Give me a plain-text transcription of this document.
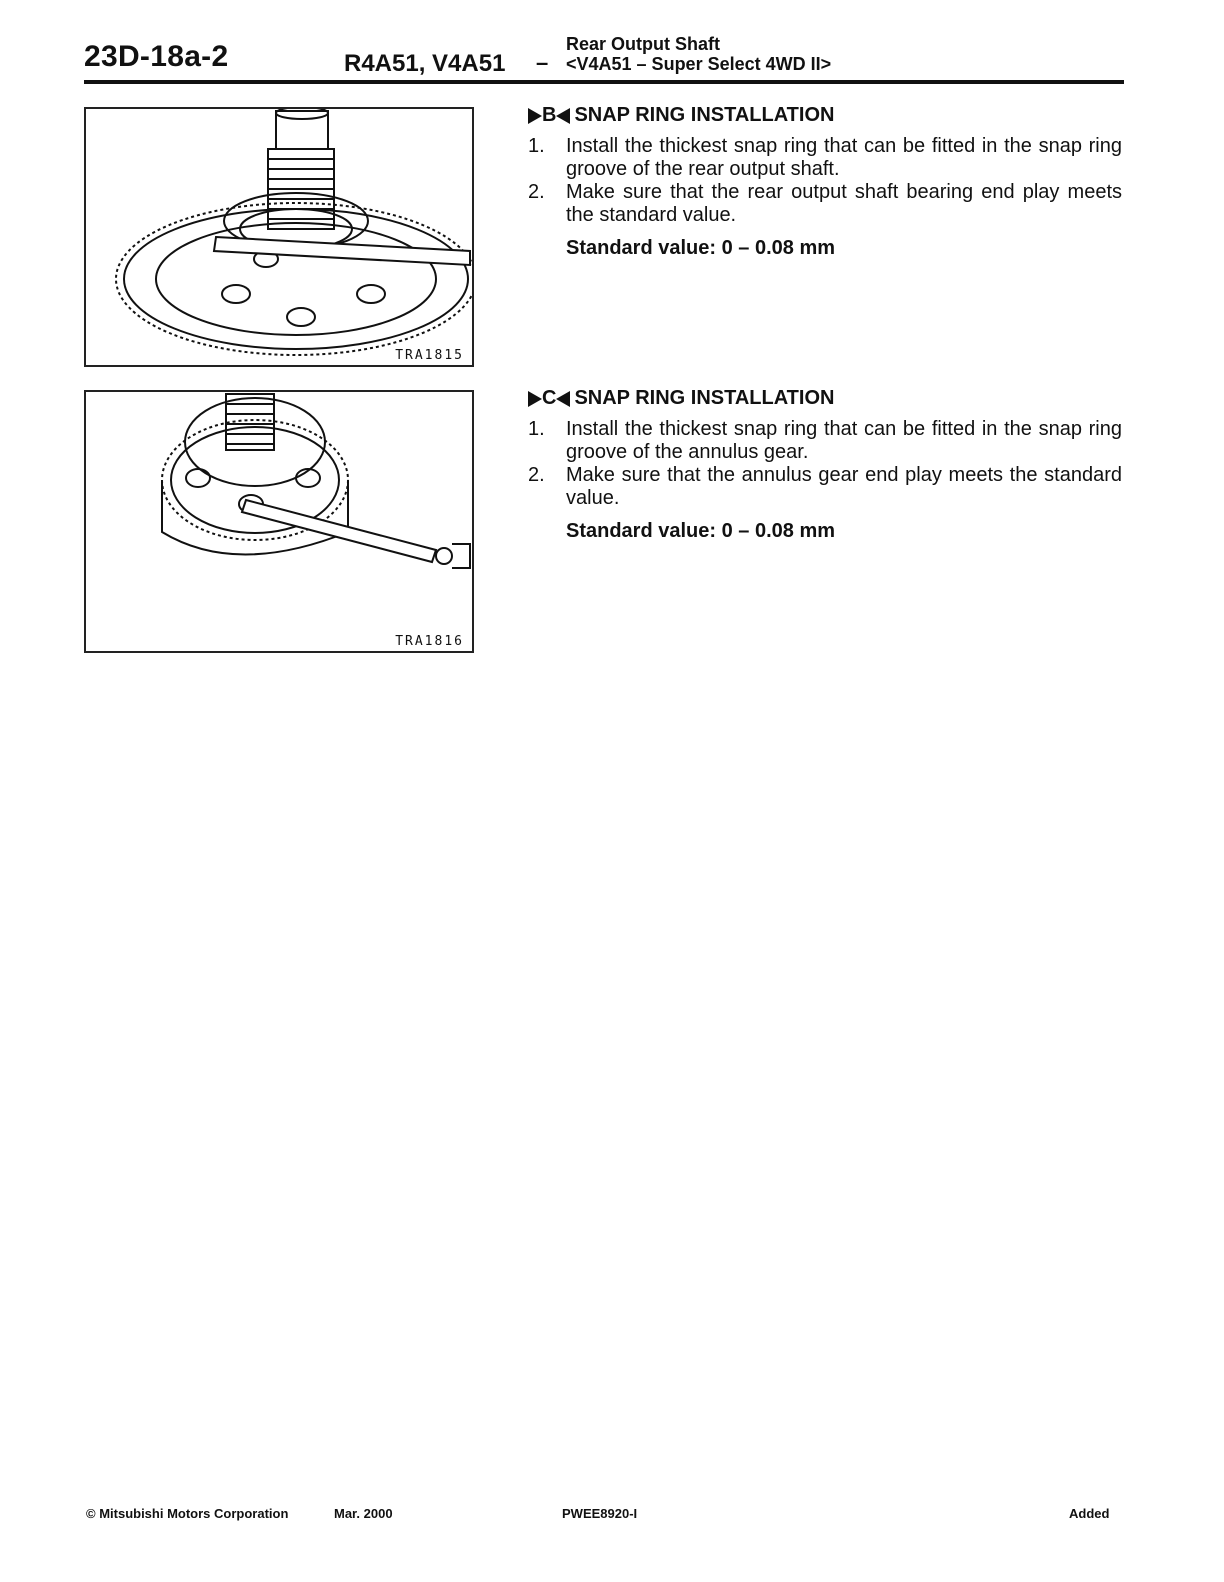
23D-18a-2	R4A51, V4A51 –
Rear Output Shaft
<V4A51 – Super Select 4WD II>
TRA1815
TRA1816
B SNAP RING INSTALLATION
1.	Install the thickest snap ring that can be fitted in the snap ring groove of the rear output shaft.
2.	Make sure that the rear output shaft bearing end play meets the standard value.
Standard value: 0 – 0.08 mm
C SNAP RING INSTALLATION
1.	Install the thickest snap ring that can be fitted in the snap ring groove of the annulus gear.
2.	Make sure that the annulus gear end play meets the standard value.
Standard value: 0 – 0.08 mm
© Mitsubishi Motors Corporation	Mar. 2000	PWEE8920-I	Added
